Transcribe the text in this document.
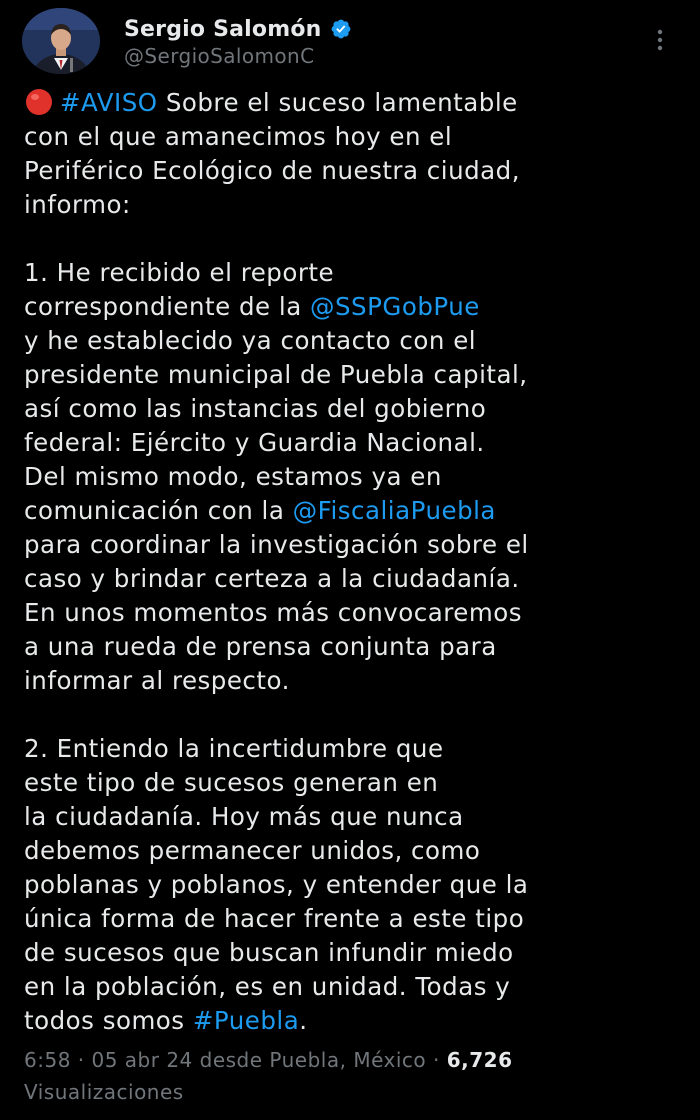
Sergio Salomón
@SergioSalomonC
#AVISO Sobre el suceso lamentable
con el que amanecimos hoy en el
Periférico Ecológico de nuestra ciudad,
informo:
1. He recibido el reporte
correspondiente de la @SSPGobPue
y he establecido ya contacto con el
presidente municipal de Puebla capital,
así como las instancias del gobierno
federal: Ejército y Guardia Nacional.
Del mismo modo, estamos ya en
comunicación con la @FiscaliaPuebla
para coordinar la investigación sobre el
caso y brindar certeza a la ciudadanía.
En unos momentos más convocaremos
a una rueda de prensa conjunta para
informar al respecto.
2. Entiendo la incertidumbre que
este tipo de sucesos generan en
la ciudadanía. Hoy más que nunca
debemos permanecer unidos, como
poblanas y poblanos, y entender que la
única forma de hacer frente a este tipo
de sucesos que buscan infundir miedo
en la población, es en unidad. Todas y
todos somos #Puebla.
6:58 · 05 abr 24 desde Puebla, México · 6,726
Visualizaciones
